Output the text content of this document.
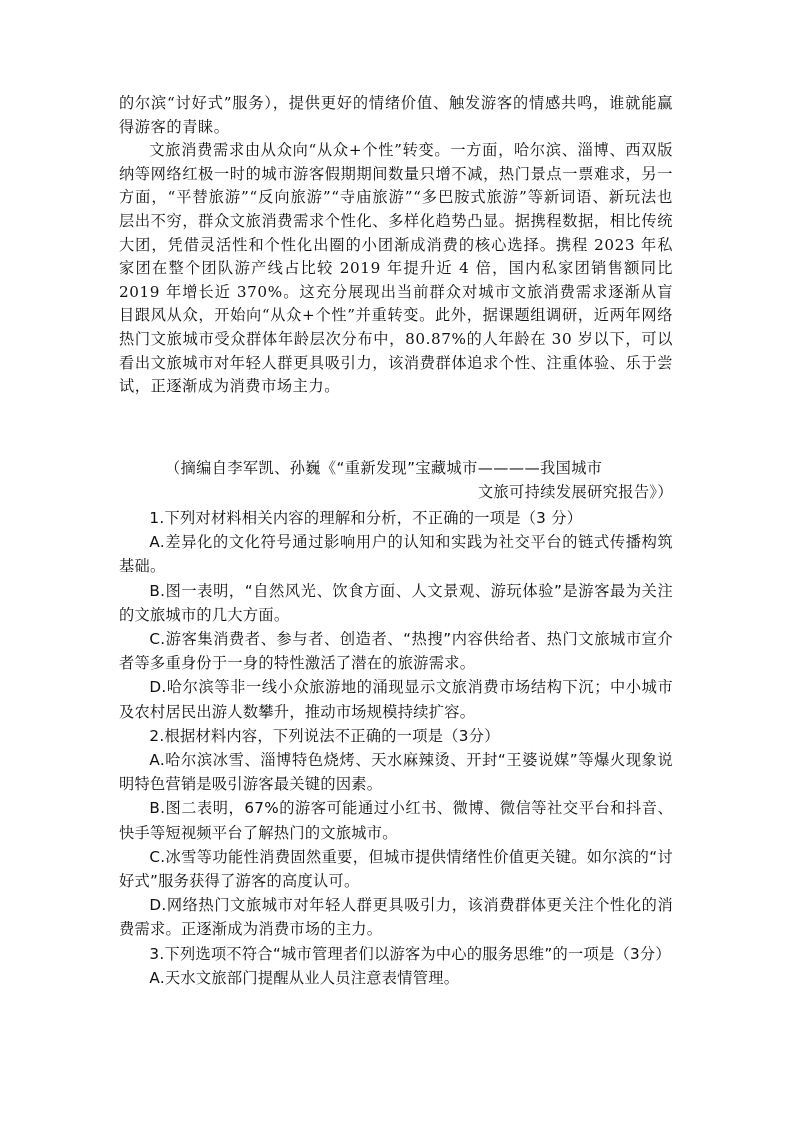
的尔滨“讨好式”服务），提供更好的情绪价值、触发游客的情感共鸣，谁就能赢得游客的青睐。

文旅消费需求由从众向“从众+个性”转变。一方面，哈尔滨、淄博、西双版纳等网络红极一时的城市游客假期期间数量只增不减，热门景点一票难求，另一方面，“平替旅游”“反向旅游”“寺庙旅游”“多巴胺式旅游”等新词语、新玩法也层出不穷，群众文旅消费需求个性化、多样化趋势凸显。据携程数据，相比传统大团，凭借灵活性和个性化出圈的小团渐成消费的核心选择。携程 2023 年私家团在整个团队游产线占比较 2019 年提升近 4 倍，国内私家团销售额同比 2019 年增长近 370%。这充分展现出当前群众对城市文旅消费需求逐渐从盲目跟风从众，开始向“从众+个性”并重转变。此外，据课题组调研，近两年网络热门文旅城市受众群体年龄层次分布中，80.87%的人年龄在 30 岁以下，可以看出文旅城市对年轻人群更具吸引力，该消费群体追求个性、注重体验、乐于尝试，正逐渐成为消费市场主力。

（摘编自李军凯、孙巍《“重新发现”宝藏城市————我国城市
文旅可持续发展研究报告》）

1.下列对材料相关内容的理解和分析，不正确的一项是（3 分）

A.差异化的文化符号通过影响用户的认知和实践为社交平台的链式传播构筑基础。

B.图一表明，“自然风光、饮食方面、人文景观、游玩体验”是游客最为关注的文旅城市的几大方面。

C.游客集消费者、参与者、创造者、“热搜”内容供给者、热门文旅城市宣介者等多重身份于一身的特性激活了潜在的旅游需求。

D.哈尔滨等非一线小众旅游地的涌现显示文旅消费市场结构下沉；中小城市及农村居民出游人数攀升，推动市场规模持续扩容。

2.根据材料内容，下列说法不正确的一项是（3分）

A.哈尔滨冰雪、淄博特色烧烤、天水麻辣烫、开封“王婆说媒”等爆火现象说明特色营销是吸引游客最关键的因素。

B.图二表明，67%的游客可能通过小红书、微博、微信等社交平台和抖音、快手等短视频平台了解热门的文旅城市。

C.冰雪等功能性消费固然重要，但城市提供情绪性价值更关键。如尔滨的“讨好式”服务获得了游客的高度认可。

D.网络热门文旅城市对年轻人群更具吸引力，该消费群体更关注个性化的消费需求。正逐渐成为消费市场的主力。

3.下列选项不符合“城市管理者们以游客为中心的服务思维”的一项是（3分）

A.天水文旅部门提醒从业人员注意表情管理。
